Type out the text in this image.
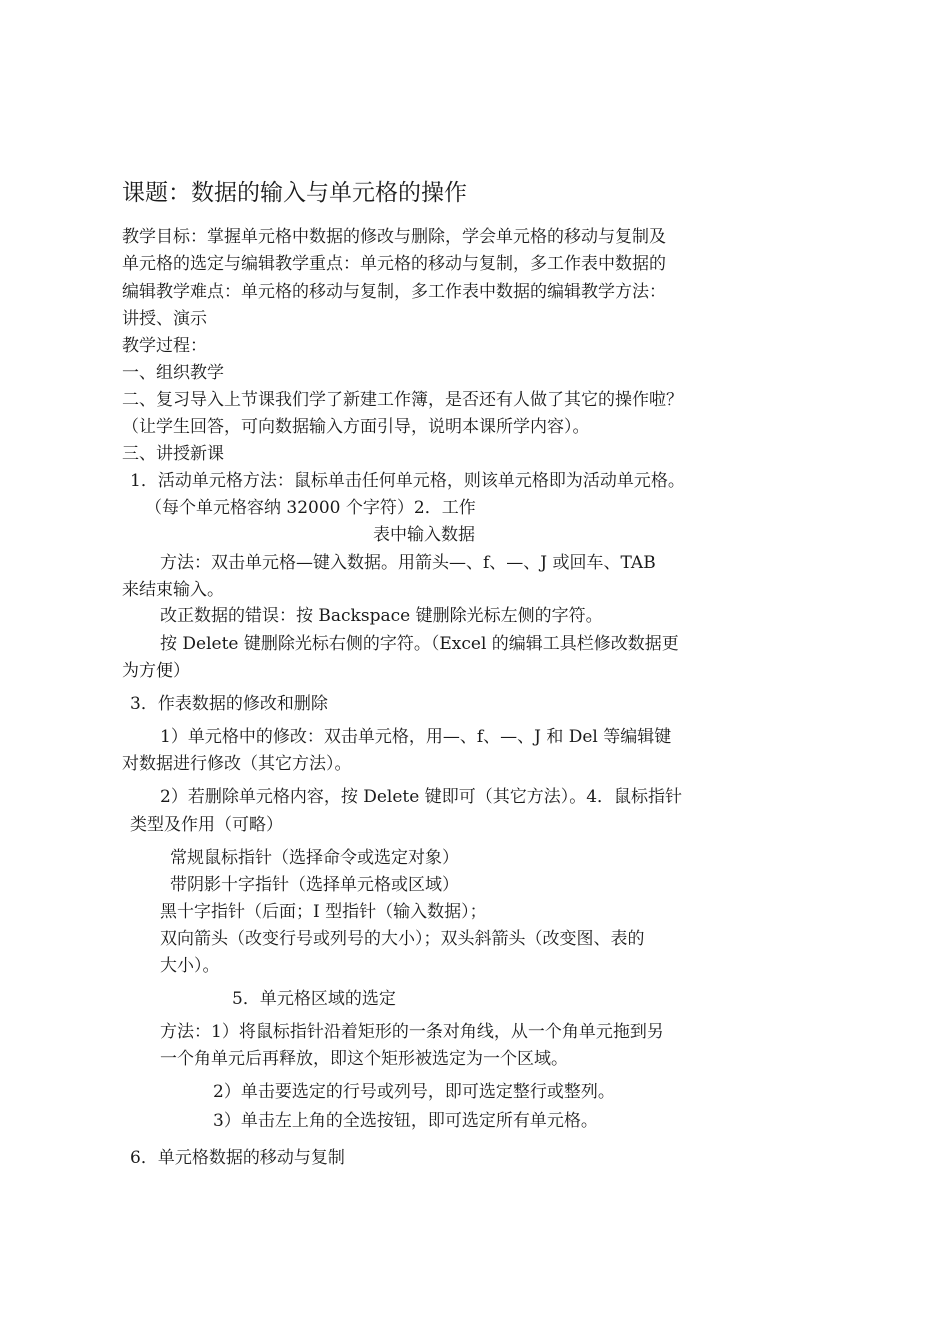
课题：数据的输入与单元格的操作
教学目标：掌握单元格中数据的修改与删除，学会单元格的移动与复制及
单元格的选定与编辑教学重点：单元格的移动与复制，多工作表中数据的
编辑教学难点：单元格的移动与复制，多工作表中数据的编辑教学方法：
讲授、演示
教学过程：
一、组织教学
二、复习导入上节课我们学了新建工作簿，是否还有人做了其它的操作啦？
（让学生回答，可向数据输入方面引导，说明本课所学内容）。
三、讲授新课
1．活动单元格方法：鼠标单击任何单元格，则该单元格即为活动单元格。
（每个单元格容纳 32000 个字符）2．工作
表中输入数据
方法：双击单元格—键入数据。用箭头—、f、—、J 或回车、TAB
来结束输入。
改正数据的错误：按 Backspace 键删除光标左侧的字符。
按 Delete 键删除光标右侧的字符。（Excel 的编辑工具栏修改数据更
为方便）
3．作表数据的修改和删除
1）单元格中的修改：双击单元格，用—、f、—、J 和 Del 等编辑键
对数据进行修改（其它方法）。
2）若删除单元格内容，按 Delete 键即可（其它方法）。4．鼠标指针
类型及作用（可略）
常规鼠标指针（选择命令或选定对象）
带阴影十字指针（选择单元格或区域）
黑十字指针（后面；I 型指针（输入数据）；
双向箭头（改变行号或列号的大小）；双头斜箭头（改变图、表的
大小）。
5．单元格区域的选定
方法：1）将鼠标指针沿着矩形的一条对角线，从一个角单元拖到另
一个角单元后再释放，即这个矩形被选定为一个区域。
2）单击要选定的行号或列号，即可选定整行或整列。
3）单击左上角的全选按钮，即可选定所有单元格。
6．单元格数据的移动与复制
